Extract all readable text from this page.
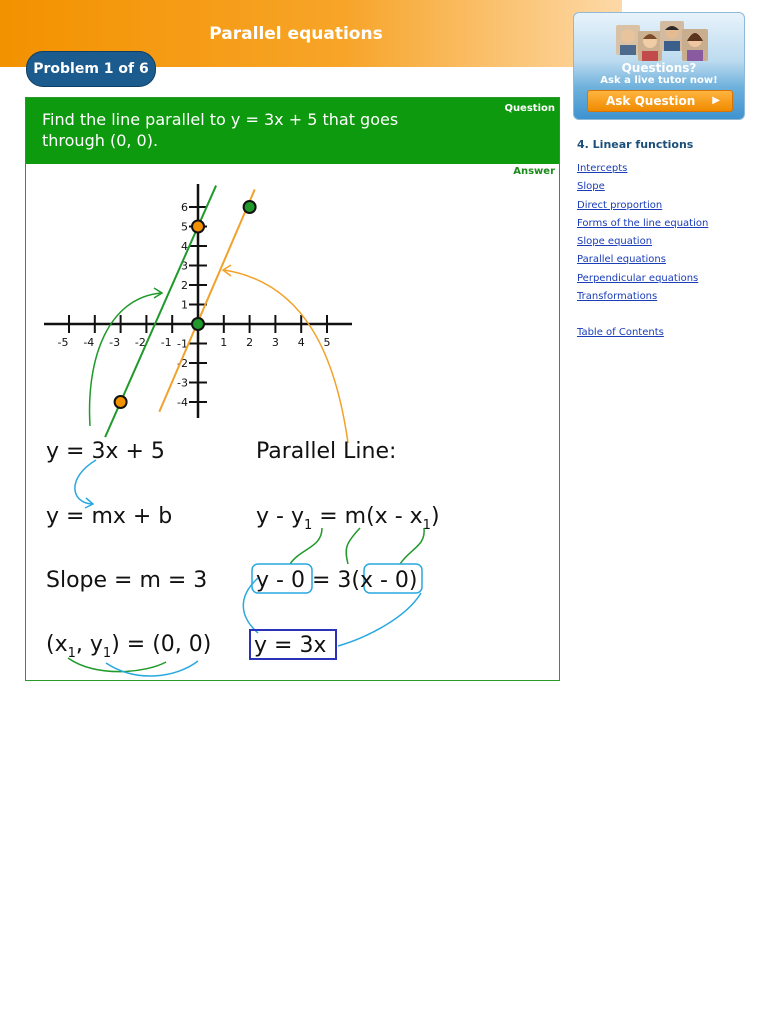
Parallel equations
Problem 1 of 6	Questions?
Ask a live tutor now!
Ask Question ▶
Find the line parallel to y = 3x + 5 that goes through (0, 0).
Question
Answer
-5 -4 -3 -2 -1	1 2 3 4 5
6
5
4
3
2
1
-1
-2
-3
-4
y = 3x + 5
y = mx + b
Slope = m = 3
($x_1$, $y_1) = (0$, 0)
Parallel Line:
$y - y_1 = m(x - x_1)$
y - 0 = 3(x - 0)
y = 3x
4. Linear functions
Intercepts
Slope
Direct proportion
Forms of the line equation
Slope equation
Parallel equations
Perpendicular equations
Transformations
Table of Contents
